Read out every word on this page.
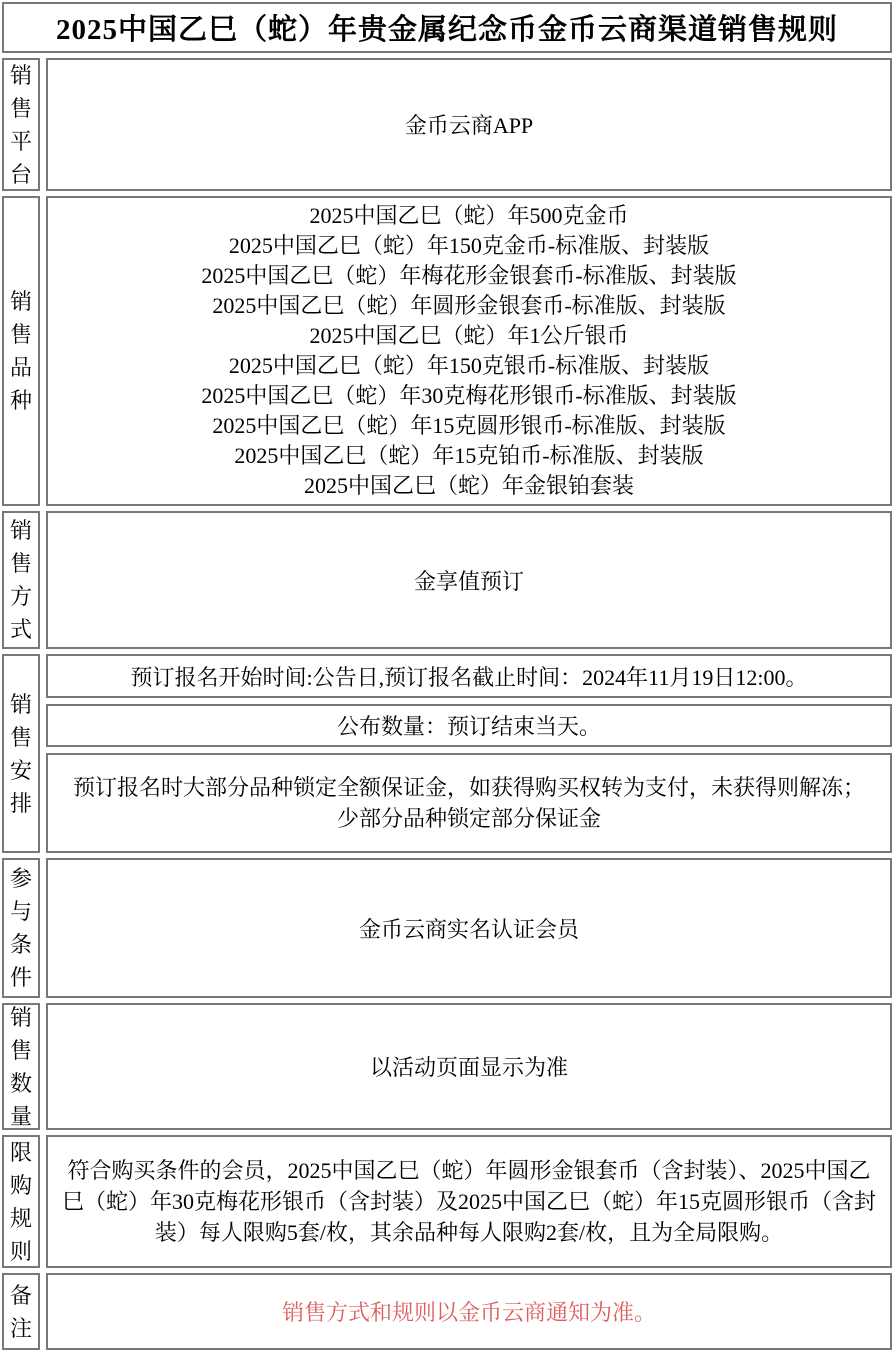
2025中国乙巳（蛇）年贵金属纪念币金币云商渠道销售规则
销售平台
金币云商APP
销售品种
2025中国乙巳（蛇）年500克金币
2025中国乙巳（蛇）年150克金币-标准版、封装版
2025中国乙巳（蛇）年梅花形金银套币-标准版、封装版
2025中国乙巳（蛇）年圆形金银套币-标准版、封装版
2025中国乙巳（蛇）年1公斤银币
2025中国乙巳（蛇）年150克银币-标准版、封装版
2025中国乙巳（蛇）年30克梅花形银币-标准版、封装版
2025中国乙巳（蛇）年15克圆形银币-标准版、封装版
2025中国乙巳（蛇）年15克铂币-标准版、封装版
2025中国乙巳（蛇）年金银铂套装
销售方式
金享值预订
销售安排
预订报名开始时间:公告日,预订报名截止时间：2024年11月19日12:00。
公布数量：预订结束当天。
预订报名时大部分品种锁定全额保证金，如获得购买权转为支付，未获得则解冻；
少部分品种锁定部分保证金
参与条件
金币云商实名认证会员
销售数量
以活动页面显示为准
限购规则
符合购买条件的会员，2025中国乙巳（蛇）年圆形金银套币（含封装）、2025中国乙巳（蛇）年30克梅花形银币（含封装）及2025中国乙巳（蛇）年15克圆形银币（含封装）每人限购5套/枚，其余品种每人限购2套/枚，且为全局限购。
备注
销售方式和规则以金币云商通知为准。
